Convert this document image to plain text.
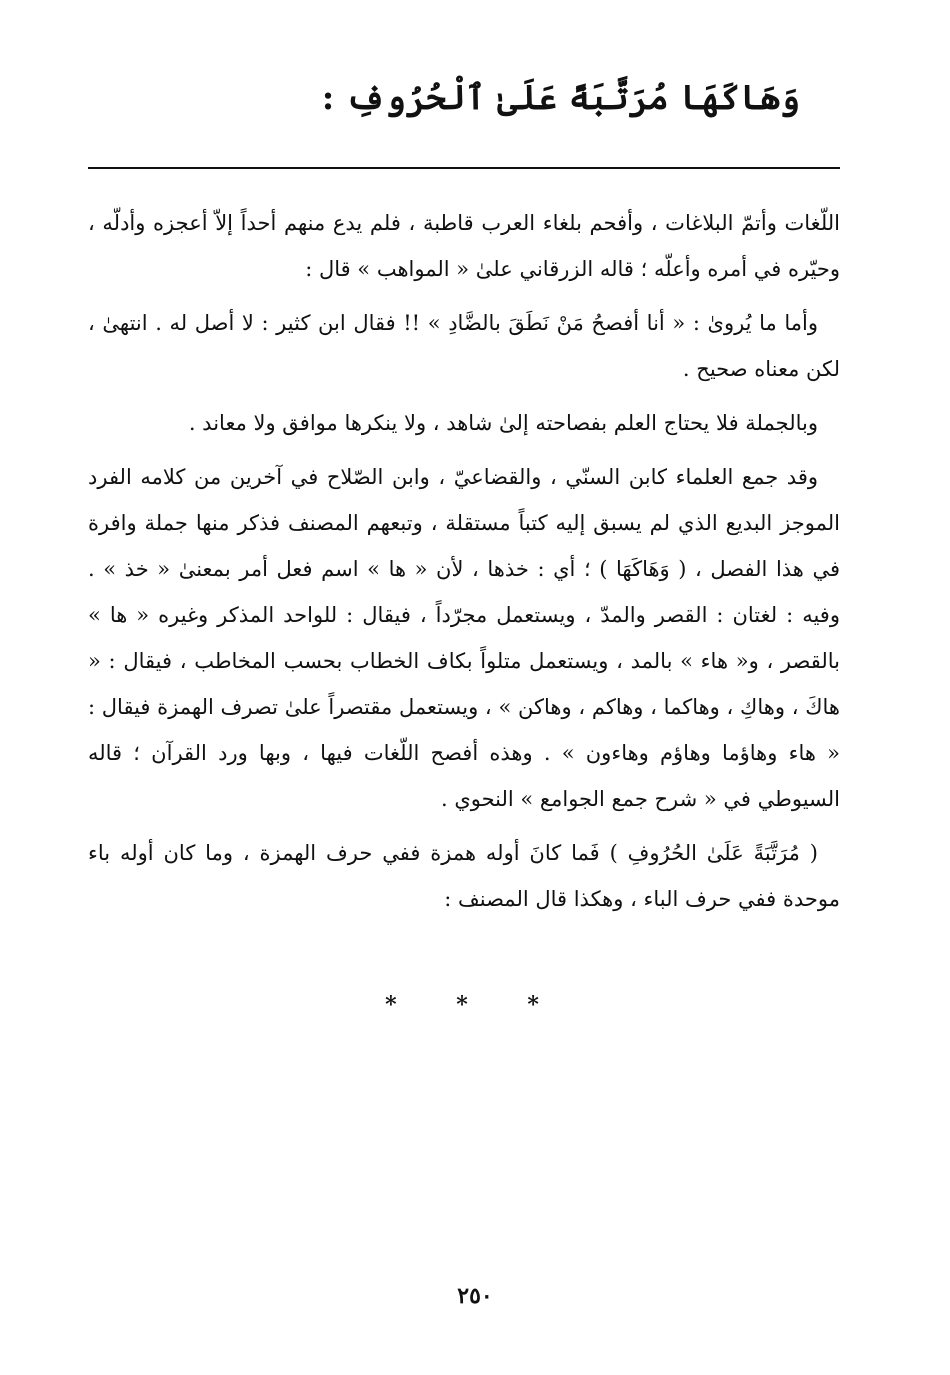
وَهَاكَهَا مُرَتَّبَةً عَلَىٰ ٱلْحُرُوفِ :

اللّغات وأتمّ البلاغات ، وأفحم بلغاء العرب قاطبة ، فلم يدع منهم أحداً إلاّ أعجزه وأدلّه ، وحيّره في أمره وأعلّه ؛ قاله الزرقاني علىٰ « المواهب » قال :

وأما ما يُروىٰ : « أنا أفصحُ مَنْ نَطَقَ بالضَّادِ » !! فقال ابن كثير : لا أصل له . انتهىٰ ، لكن معناه صحيح .

وبالجملة فلا يحتاج العلم بفصاحته إلىٰ شاهد ، ولا ينكرها موافق ولا معاند .

وقد جمع العلماء كابن السنّي ، والقضاعيّ ، وابن الصّلاح في آخرين من كلامه الفرد الموجز البديع الذي لم يسبق إليه كتباً مستقلة ، وتبعهم المصنف فذكر منها جملة وافرة في هذا الفصل ، ( وَهَاكَهَا ) ؛ أي : خذها ، لأن « ها » اسم فعل أمر بمعنىٰ « خذ » . وفيه : لغتان : القصر والمدّ ، ويستعمل مجرّداً ، فيقال : للواحد المذكر وغيره « ها » بالقصر ، و« هاء » بالمد ، ويستعمل متلواً بكاف الخطاب بحسب المخاطب ، فيقال : « هاكَ ، وهاكِ ، وهاكما ، وهاكم ، وهاكن » ، ويستعمل مقتصراً علىٰ تصرف الهمزة فيقال : « هاء وهاؤما وهاؤم وهاءون » . وهذه أفصح اللّغات فيها ، وبها ورد القرآن ؛ قاله السيوطي في « شرح جمع الجوامع » النحوي .

( مُرَتَّبَةً عَلَىٰ الحُرُوفِ ) فَما كانَ أوله همزة ففي حرف الهمزة ، وما كان أوله باء موحدة ففي حرف الباء ، وهكذا قال المصنف :

* * *
٢٥٠
